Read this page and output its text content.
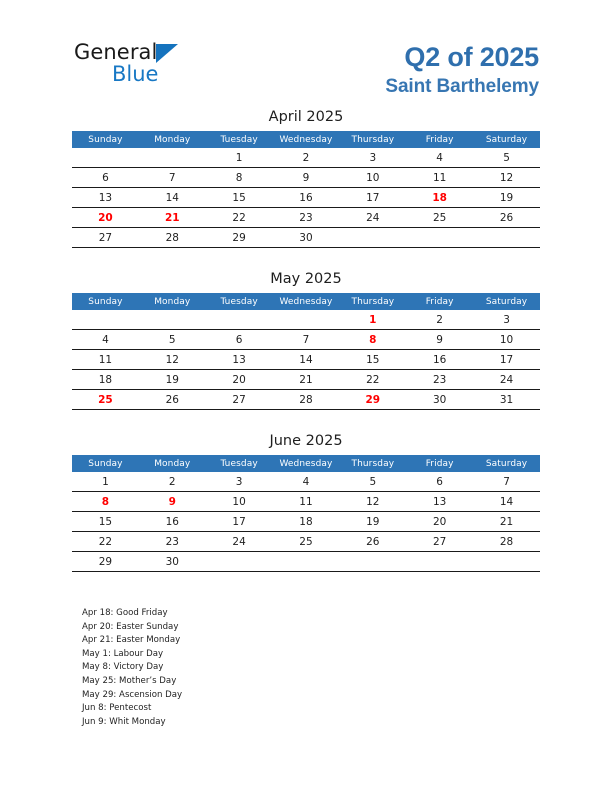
General
Blue
Q2 of 2025
Saint Barthelemy
April 2025
Sunday	Monday	Tuesday	Wednesday	Thursday	Friday	Saturday
		1	2	3	4	5
6	7	8	9	10	11	12
13	14	15	16	17	18	19
20	21	22	23	24	25	26
27	28	29	30			
May 2025
Sunday	Monday	Tuesday	Wednesday	Thursday	Friday	Saturday
				1	2	3
4	5	6	7	8	9	10
11	12	13	14	15	16	17
18	19	20	21	22	23	24
25	26	27	28	29	30	31
June 2025
Sunday	Monday	Tuesday	Wednesday	Thursday	Friday	Saturday
1	2	3	4	5	6	7
8	9	10	11	12	13	14
15	16	17	18	19	20	21
22	23	24	25	26	27	28
29	30					
Apr 18: Good Friday
Apr 20: Easter Sunday
Apr 21: Easter Monday
May 1: Labour Day
May 8: Victory Day
May 25: Mother’s Day
May 29: Ascension Day
Jun 8: Pentecost
Jun 9: Whit Monday
